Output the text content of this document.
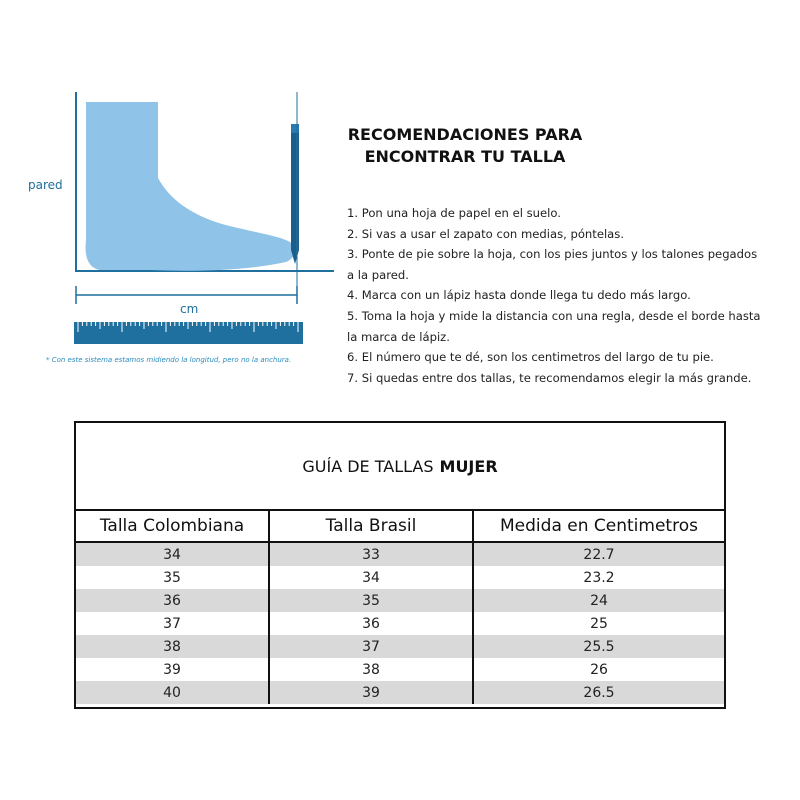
pared
cm
* Con este sistema estamos midiendo la longitud, pero no la anchura.
RECOMENDACIONES PARA
ENCONTRAR TU TALLA
1. Pon una hoja de papel en el suelo.
2. Si vas a usar el zapato con medias, pόntelas.
3. Ponte de pie sobre la hoja, con los pies juntos y los talones pegados
a la pared.
4. Marca con un lápiz hasta donde llega tu dedo más largo.
5. Toma la hoja y mide la distancia con una regla, desde el borde hasta
la marca de lápiz.
6. El número que te dé, son los centimetros del largo de tu pie.
7. Si quedas entre dos tallas, te recomendamos elegir la más grande.
GUÍA DE TALLAS MUJER
Talla Colombiana	Talla Brasil	Medida en Centimetros
34	33	22.7
35	34	23.2
36	35	24
37	36	25
38	37	25.5
39	38	26
40	39	26.5
